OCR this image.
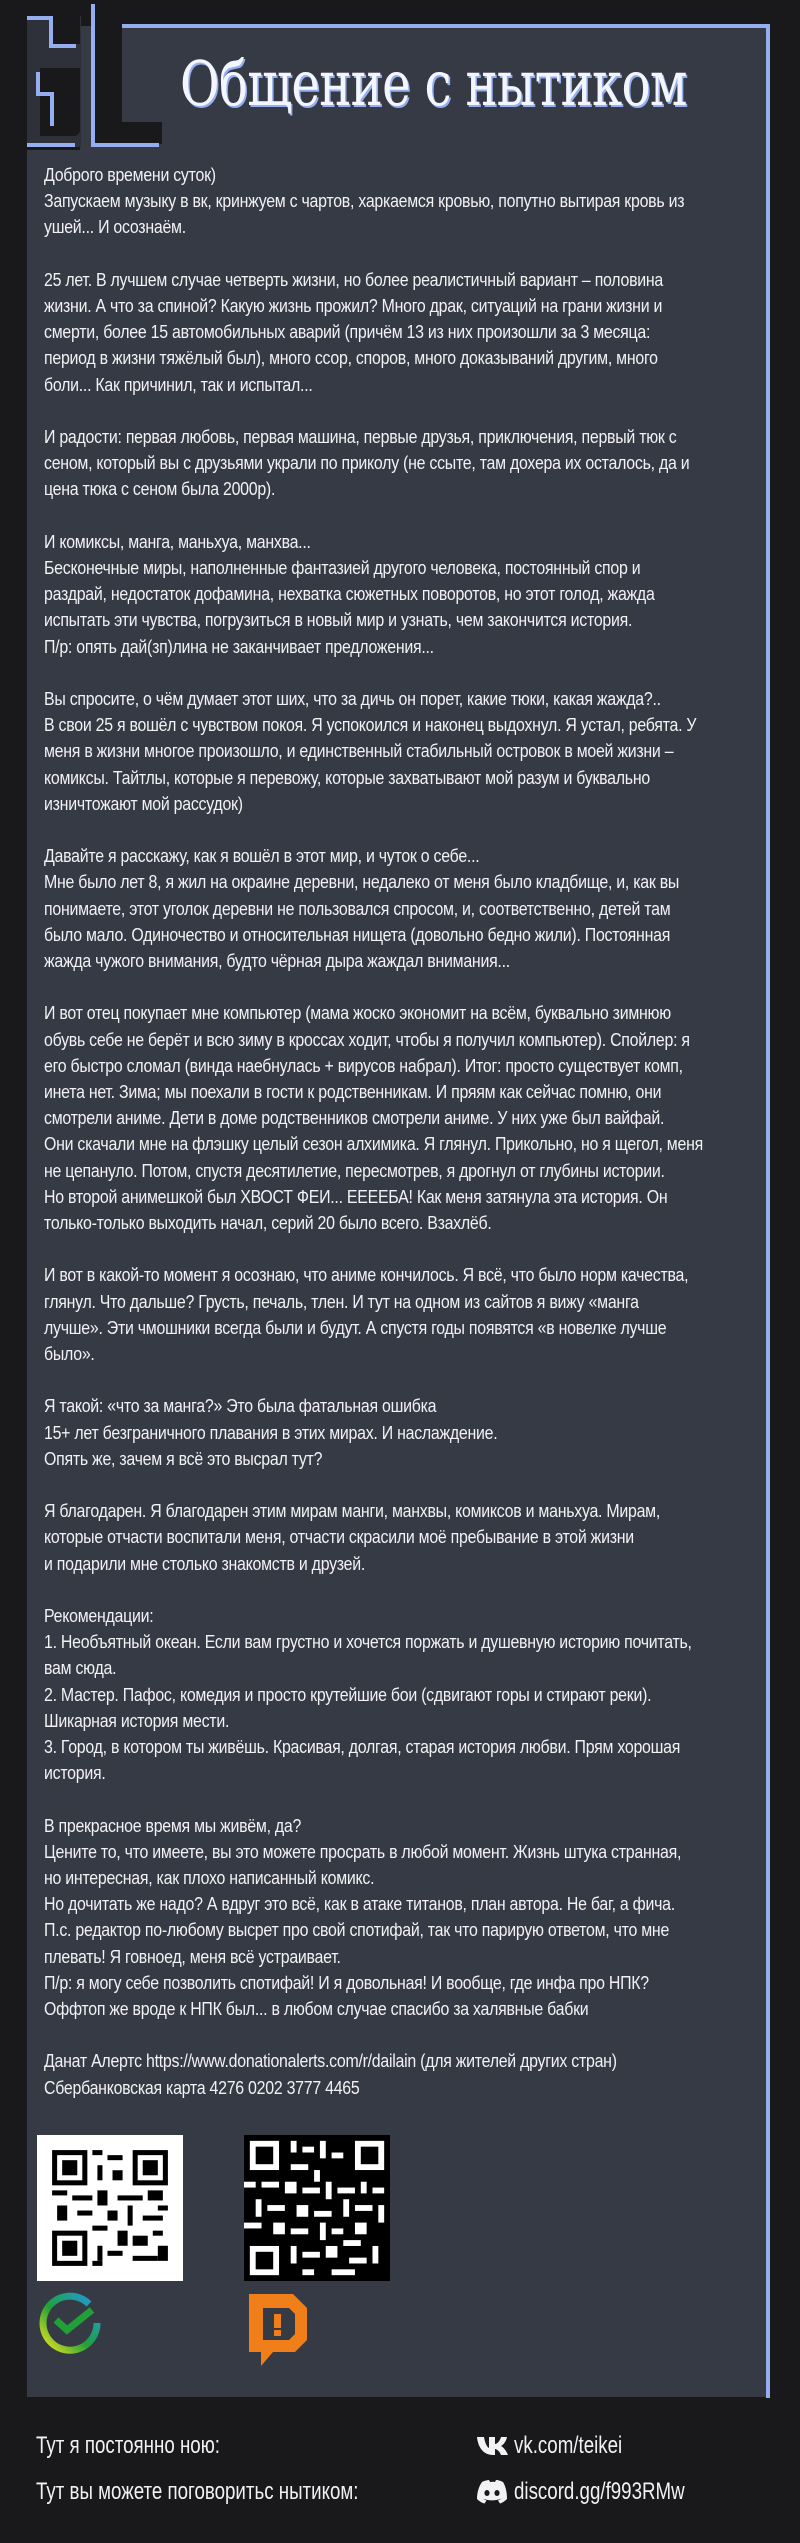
Общение с нытиком
Доброго времени суток)
Запускаем музыку в вк, кринжуем с чартов, харкаемся кровью, попутно вытирая кровь из
ушей... И осознаём.
25 лет. В лучшем случае четверть жизни, но более реалистичный вариант – половина
жизни. А что за спиной? Какую жизнь прожил? Много драк, ситуаций на грани жизни и
смерти, более 15 автомобильных аварий (причём 13 из них произошли за 3 месяца:
период в жизни тяжёлый был), много ссор, споров, много доказываний другим, много
боли... Как причинил, так и испытал...
И радости: первая любовь, первая машина, первые друзья, приключения, первый тюк с
сеном, который вы с друзьями украли по приколу (не ссыте, там дохера их осталось, да и
цена тюка с сеном была 2000р).
И комиксы, манга, маньхуа, манхва...
Бесконечные миры, наполненные фантазией другого человека, постоянный спор и
раздрай, недостаток дофамина, нехватка сюжетных поворотов, но этот голод, жажда
испытать эти чувства, погрузиться в новый мир и узнать, чем закончится история.
П/р: опять дай(зп)лина не заканчивает предложения...
Вы спросите, о чём думает этот ших, что за дичь он порет, какие тюки, какая жажда?..
В свои 25 я вошёл с чувством покоя. Я успокоился и наконец выдохнул. Я устал, ребята. У
меня в жизни многое произошло, и единственный стабильный островок в моей жизни –
комиксы. Тайтлы, которые я перевожу, которые захватывают мой разум и буквально
изничтожают мой рассудок)
Давайте я расскажу, как я вошёл в этот мир, и чуток о себе...
Мне было лет 8, я жил на окраине деревни, недалеко от меня было кладбище, и, как вы
понимаете, этот уголок деревни не пользовался спросом, и, соответственно, детей там
было мало. Одиночество и относительная нищета (довольно бедно жили). Постоянная
жажда чужого внимания, будто чёрная дыра жаждал внимания...
И вот отец покупает мне компьютер (мама жоско экономит на всём, буквально зимнюю
обувь себе не берёт и всю зиму в кроссах ходит, чтобы я получил компьютер). Спойлер: я
его быстро сломал (винда наебнулась + вирусов набрал). Итог: просто существует комп,
инета нет. Зима; мы поехали в гости к родственникам. И пряям как сейчас помню, они
смотрели аниме. Дети в доме родственников смотрели аниме. У них уже был вайфай.
Они скачали мне на флэшку целый сезон алхимика. Я глянул. Прикольно, но я щегол, меня
не цепануло. Потом, спустя десятилетие, пересмотрев, я дрогнул от глубины истории.
Но второй анимешкой был ХВОСТ ФЕИ... ЕЕЕЕБА! Как меня затянула эта история. Он
только-только выходить начал, серий 20 было всего. Взахлёб.
И вот в какой-то момент я осознаю, что аниме кончилось. Я всё, что было норм качества,
глянул. Что дальше? Грусть, печаль, тлен. И тут на одном из сайтов я вижу «манга
лучше». Эти чмошники всегда были и будут. А спустя годы появятся «в новелке лучше
было».
Я такой: «что за манга?» Это была фатальная ошибка
15+ лет безграничного плавания в этих мирах. И наслаждение.
Опять же, зачем я всё это высрал тут?
Я благодарен. Я благодарен этим мирам манги, манхвы, комиксов и маньхуа. Мирам,
которые отчасти воспитали меня, отчасти скрасили моё пребывание в этой жизни
и подарили мне столько знакомств и друзей.
Рекомендации:
1. Необъятный океан. Если вам грустно и хочется поржать и душевную историю почитать,
вам сюда.
2. Мастер. Пафос, комедия и просто крутейшие бои (сдвигают горы и стирают реки).
Шикарная история мести.
3. Город, в котором ты живёшь. Красивая, долгая, старая история любви. Прям хорошая
история.
В прекрасное время мы живём, да?
Цените то, что имеете, вы это можете просрать в любой момент. Жизнь штука странная,
но интересная, как плохо написанный комикс.
Но дочитать же надо? А вдруг это всё, как в атаке титанов, план автора. Не баг, а фича.
П.с. редактор по-любому высрет про свой спотифай, так что парирую ответом, что мне
плевать! Я говноед, меня всё устраивает.
П/р: я могу себе позволить спотифай! И я довольная! И вообще, где инфа про НПК?
Оффтоп же вроде к НПК был... в любом случае спасибо за халявные бабки
Данат Алертс https://www.donationalerts.com/r/dailain (для жителей других стран)
Сбербанковская карта 4276 0202 3777 4465
Тут я постоянно ною:	vk.com/teikei
Тут вы можете поговоритьс нытиком:	discord.gg/f993RMw
